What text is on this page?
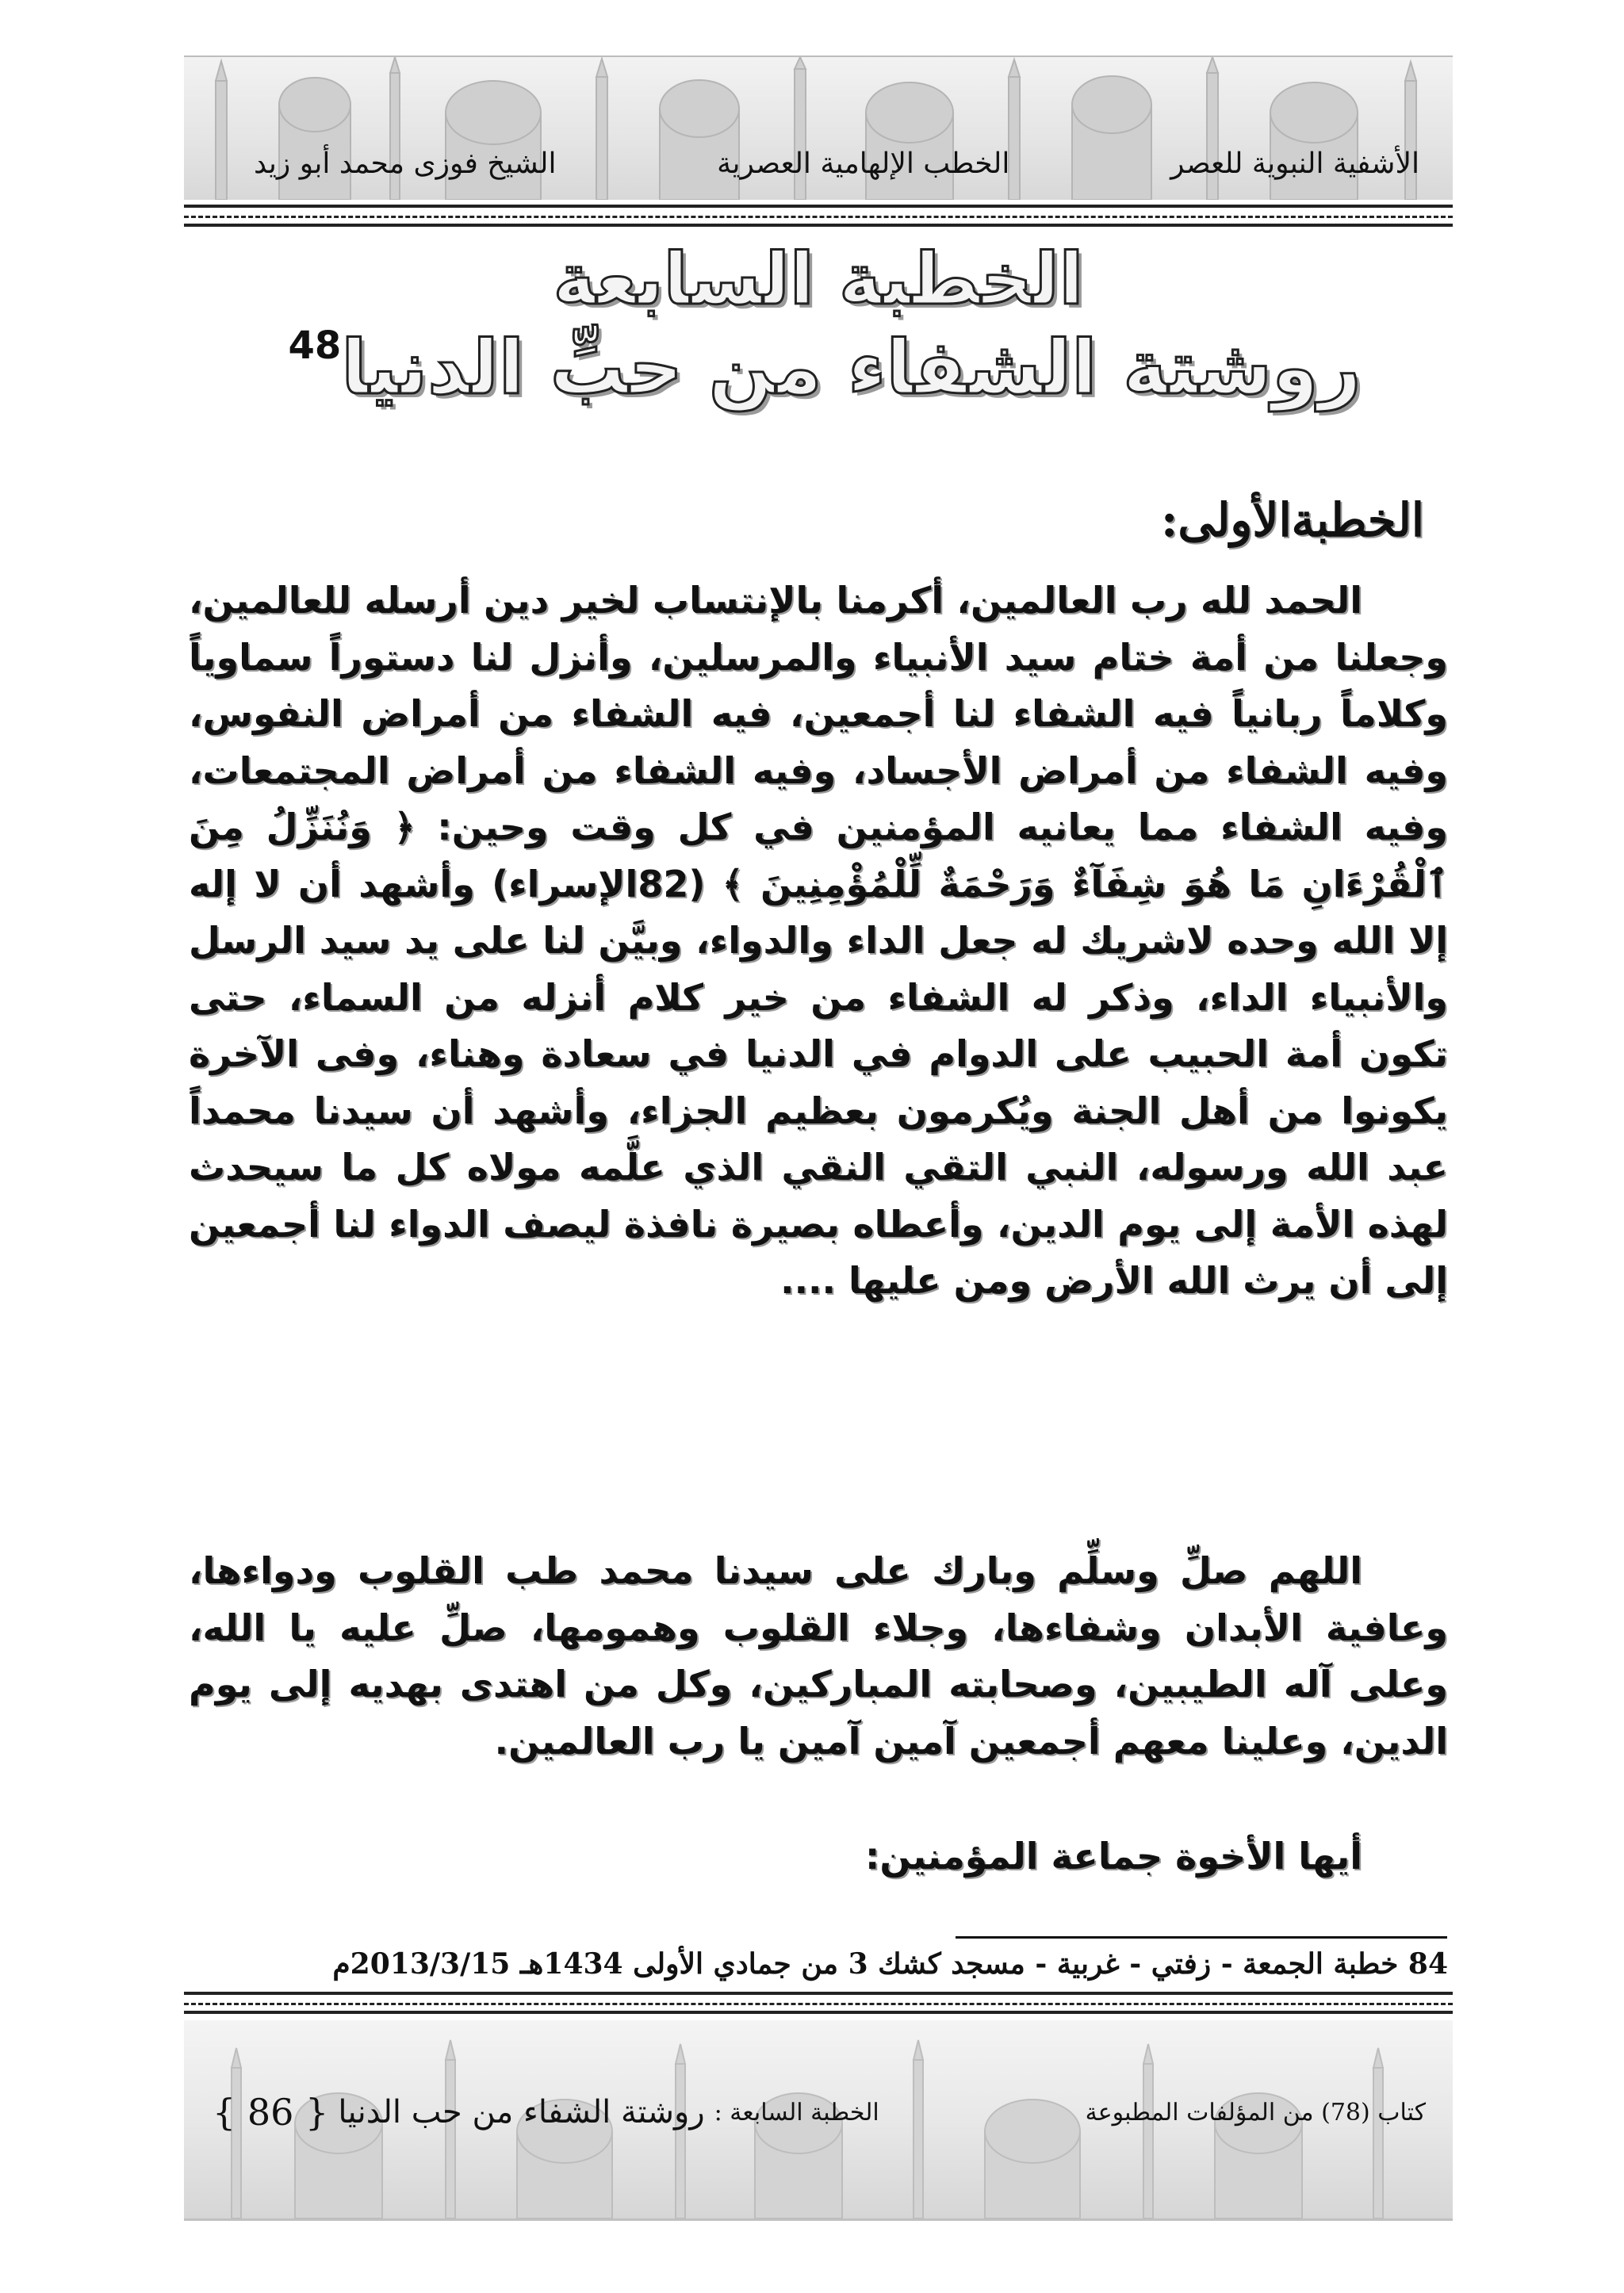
الشيخ فوزى محمد أبو زيد	الخطب الإلهامية العصرية	الأشفية النبوية للعصر
الخطبة السابعة
روشتة الشفاء من حبِّ الدنيا$^{48}$
الخطبةالأولى:
الحمد لله رب العالمين، أكرمنا بالإنتساب لخير دين أرسله للعالمين، وجعلنا من أمة ختام سيد الأنبياء والمرسلين، وأنزل لنا دستوراً سماوياً وكلاماً ربانياً فيه الشفاء لنا أجمعين، فيه الشفاء من أمراض النفوس، وفيه الشفاء من أمراض الأجساد، وفيه الشفاء من أمراض المجتمعات، وفيه الشفاء مما يعانيه المؤمنين في كل وقت وحين: ﴿ وَنُنَزِّلُ مِنَ ٱلْقُرْءَانِ مَا هُوَ شِفَآءٌ وَرَحْمَةٌ لِّلْمُؤْمِنِينَ ﴾ (82الإسراء) وأشهد أن لا إله إلا الله وحده لاشريك له جعل الداء والدواء، وبيَّن لنا على يد سيد الرسل والأنبياء الداء، وذكر له الشفاء من خير كلام أنزله من السماء، حتى تكون أمة الحبيب على الدوام في الدنيا في سعادة وهناء، وفى الآخرة يكونوا من أهل الجنة ويُكرمون بعظيم الجزاء، وأشهد أن سيدنا محمداً عبد الله ورسوله، النبي التقي النقي الذي علَّمه مولاه كل ما سيحدث لهذه الأمة إلى يوم الدين، وأعطاه بصيرة نافذة ليصف الدواء لنا أجمعين إلى أن يرث الله الأرض ومن عليها ....
اللهم صلِّ وسلِّم وبارك على سيدنا محمد طب القلوب ودواءها، وعافية الأبدان وشفاءها، وجلاء القلوب وهمومها، صلِّ عليه يا الله، وعلى آله الطيبين، وصحابته المباركين، وكل من اهتدى بهديه إلى يوم الدين، وعلينا معهم أجمعين آمين آمين يا رب العالمين.
أيها الأخوة جماعة المؤمنين:
84 خطبة الجمعة - زفتي - غربية - مسجد كشك 3 من جمادي الأولى 1434هـ 2013/3/15م
كتاب (78) من المؤلفات المطبوعة
الخطبة السابعة :
روشتة الشفاء من حب الدنيا
{ 86 }
